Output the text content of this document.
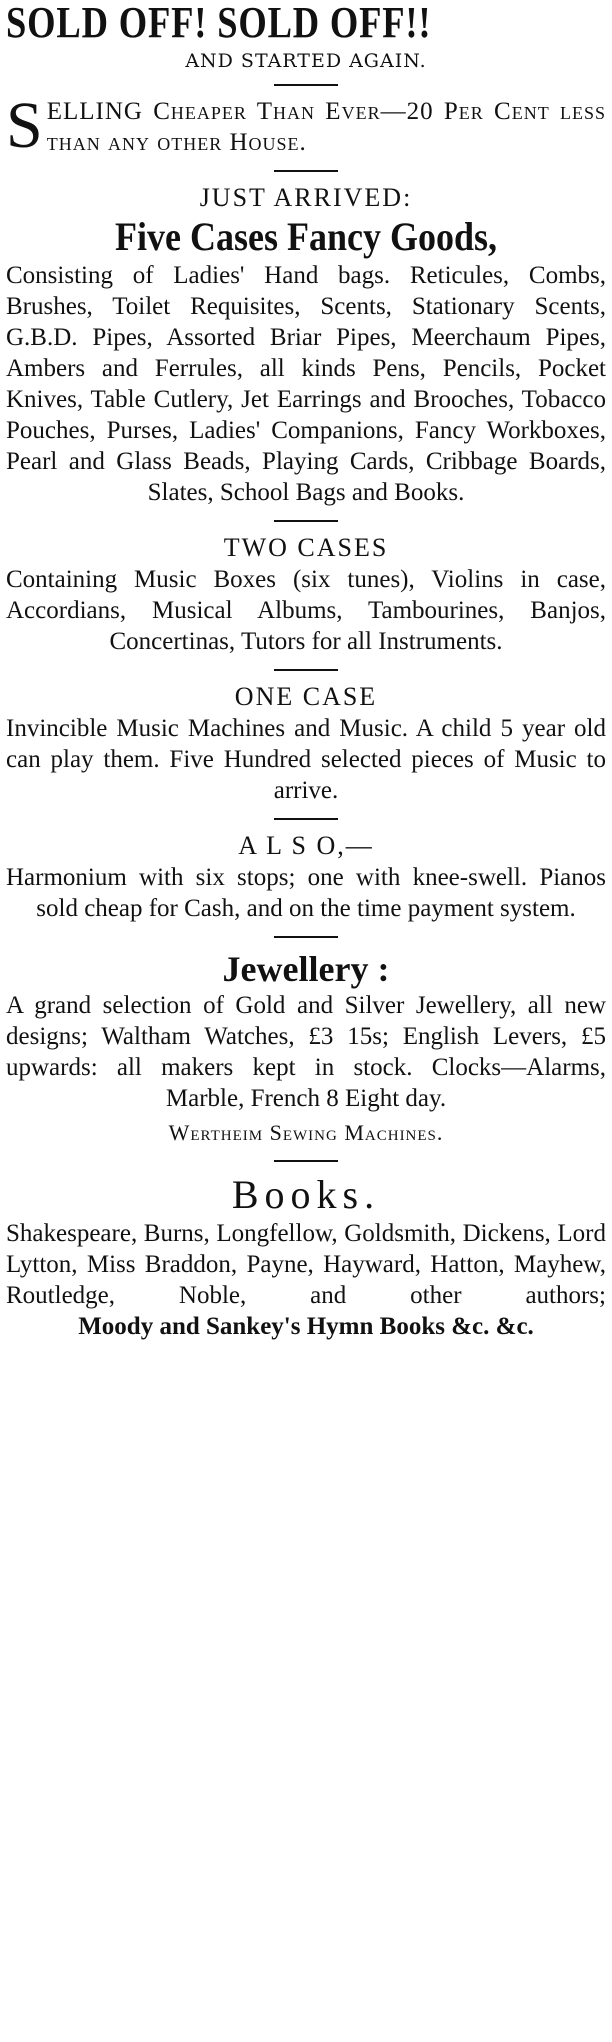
SOLD OFF! SOLD OFF!!
AND STARTED AGAIN.

SELLING Cheaper Than Ever—20 Per Cent less than any other House.

JUST ARRIVED:
Five Cases Fancy Goods,

Consisting of Ladies' Hand bags. Reticules, Combs, Brushes, Toilet Requisites, Scents, Stationary Scents, G.B.D. Pipes, Assorted Briar Pipes, Meerchaum Pipes, Ambers and Ferrules, all kinds Pens, Pencils, Pocket Knives, Table Cutlery, Jet Earrings and Brooches, Tobacco Pouches, Purses, Ladies' Companions, Fancy Workboxes, Pearl and Glass Beads, Playing Cards, Cribbage Boards, Slates, School Bags and Books.

TWO CASES

Containing Music Boxes (six tunes), Violins in case, Accordians, Musical Albums, Tambourines, Banjos, Concertinas, Tutors for all Instruments.

ONE CASE

Invincible Music Machines and Music. A child 5 year old can play them. Five Hundred selected pieces of Music to arrive.

A L S O,—

Harmonium with six stops; one with knee-swell. Pianos sold cheap for Cash, and on the time payment system.

Jewellery :

A grand selection of Gold and Silver Jewellery, all new designs; Waltham Watches, £3 15s; English Levers, £5 upwards: all makers kept in stock. Clocks—Alarms, Marble, French 8 Eight day.

Wertheim Sewing Machines.
Books.

Shakespeare, Burns, Longfellow, Goldsmith, Dickens, Lord Lytton, Miss Braddon, Payne, Hayward, Hatton, Mayhew, Routledge, Noble, and other authors;

Moody and Sankey's Hymn Books &c. &c.
